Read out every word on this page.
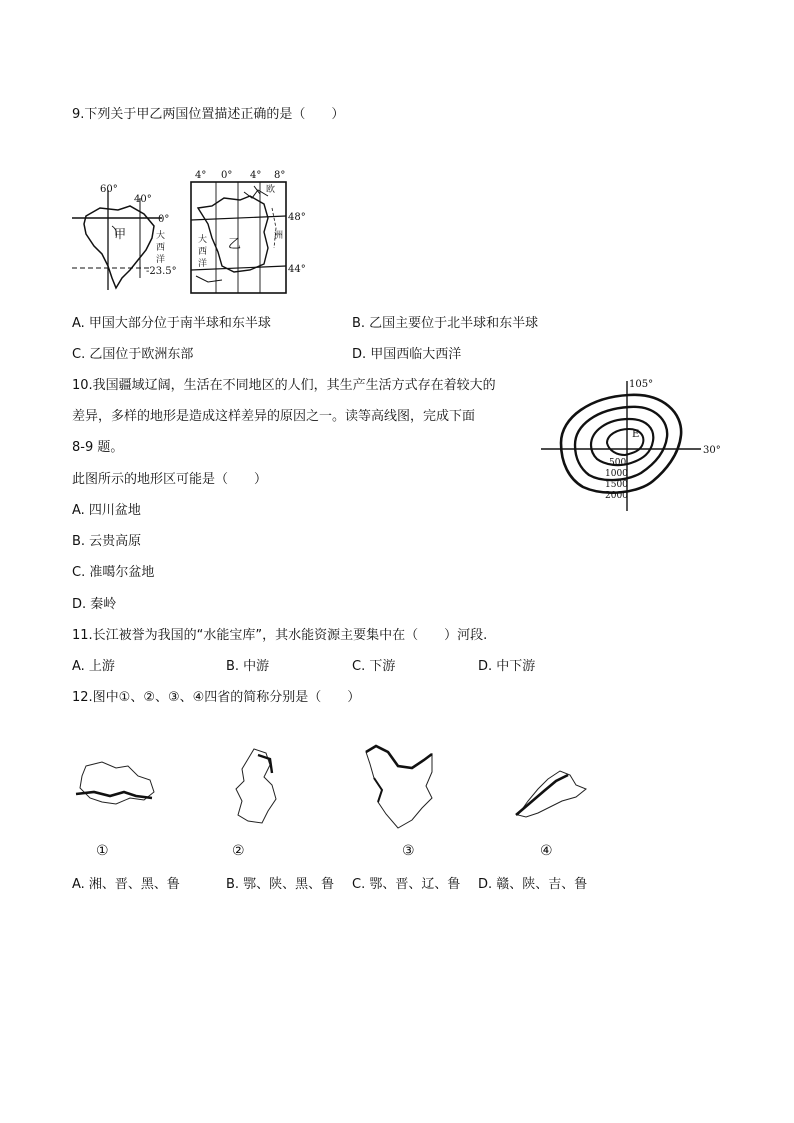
9.下列关于甲乙两国位置描述正确的是（　　）
60°
40°
0°
-23.5°
甲	大
西
洋
4° 0° 4° 8°
48°
44°
乙
欧
洲
大
西
洋
A. 甲国大部分位于南半球和东半球	B. 乙国主要位于北半球和东半球
C. 乙国位于欧洲东部	D. 甲国西临大西洋
10.我国疆域辽阔，生活在不同地区的人们，其生产生活方式存在着较大的
差异，多样的地形是造成这样差异的原因之一。读等高线图，完成下面
8-9 题。
此图所示的地形区可能是（　　）
105°
30°
E
500
1000
1500
2000
A. 四川盆地
B. 云贵高原
C. 准噶尔盆地
D. 秦岭
11.长江被誉为我国的“水能宝库”，其水能资源主要集中在（　　）河段.
A. 上游	B. 中游	C. 下游	D. 中下游
12.图中①、②、③、④四省的简称分别是（　　）
①	②	③	④
A. 湘、晋、黑、鲁	B. 鄂、陕、黑、鲁 C. 鄂、晋、辽、鲁 D. 赣、陕、吉、鲁
